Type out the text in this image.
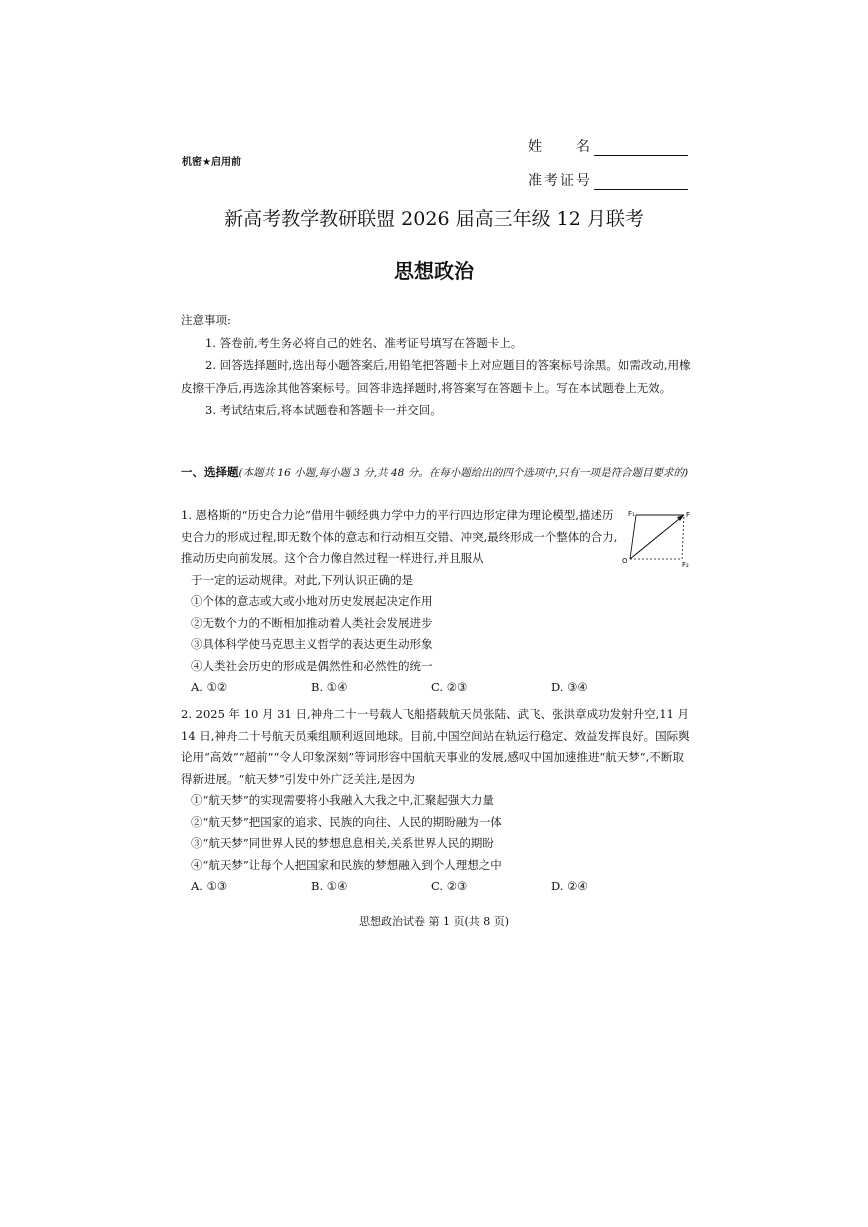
机密★启用前
姓　　名
准考证号
新高考教学教研联盟 2026 届高三年级 12 月联考
思想政治

注意事项:

1. 答卷前,考生务必将自己的姓名、准考证号填写在答题卡上。

2. 回答选择题时,选出每小题答案后,用铅笔把答题卡上对应题目的答案标号涂黑。如需改动,用橡皮擦干净后,再选涂其他答案标号。回答非选择题时,将答案写在答题卡上。写在本试题卷上无效。

3. 考试结束后,将本试题卷和答题卡一并交回。

一、选择题(本题共 16 小题,每小题 3 分,共 48 分。在每小题给出的四个选项中,只有一项是符合题目要求的)

1. 恩格斯的“历史合力论”借用牛顿经典力学中力的平行四边形定律为理论模型,描述历史合力的形成过程,即无数个体的意志和行动相互交错、冲突,最终形成一个整体的合力,推动历史向前发展。这个合力像自然过程一样进行,并且服从

于一定的运动规律。对此,下列认识正确的是

①个体的意志或大或小地对历史发展起决定作用

②无数个力的不断相加推动着人类社会发展进步

③具体科学使马克思主义哲学的表达更生动形象

④人类社会历史的形成是偶然性和必然性的统一

A. ①②	B. ①④	C. ②③	D. ③④
F₁	F
F₂
O

2. 2025 年 10 月 31 日,神舟二十一号载人飞船搭载航天员张陆、武飞、张洪章成功发射升空,11 月 14 日,神舟二十号航天员乘组顺利返回地球。目前,中国空间站在轨运行稳定、效益发挥良好。国际舆论用“高效”“超前”“令人印象深刻”等词形容中国航天事业的发展,感叹中国加速推进“航天梦”,不断取得新进展。“航天梦”引发中外广泛关注,是因为

①“航天梦”的实现需要将小我融入大我之中,汇聚起强大力量

②“航天梦”把国家的追求、民族的向往、人民的期盼融为一体

③“航天梦”同世界人民的梦想息息相关,关系世界人民的期盼

④“航天梦”让每个人把国家和民族的梦想融入到个人理想之中

A. ①③	B. ①④	C. ②③	D. ②④
思想政治试卷 第 1 页(共 8 页)
